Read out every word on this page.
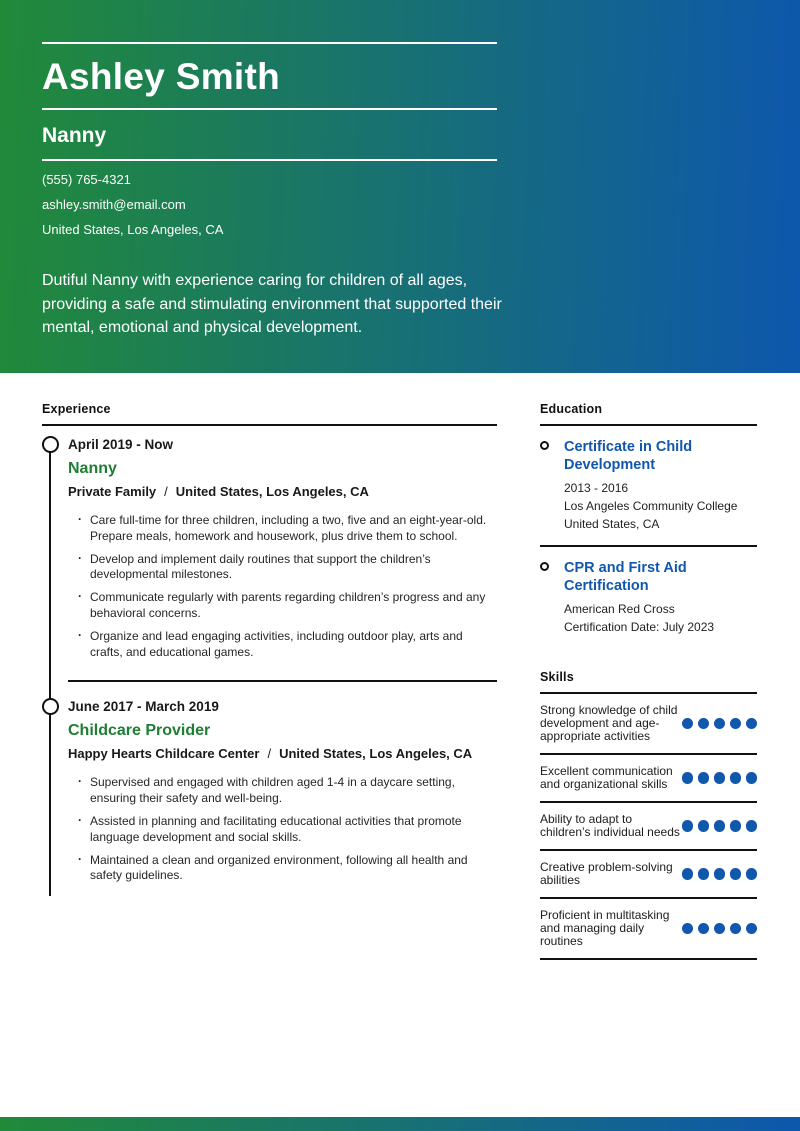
Ashley Smith
Nanny
(555) 765-4321
ashley.smith@email.com
United States, Los Angeles, CA

Dutiful Nanny with experience caring for children of all ages, providing a safe and stimulating environment that supported their mental, emotional and physical development.

Experience
April 2019 - Now
Nanny
Private Family / United States, Los Angeles, CA
· Care full-time for three children, including a two, five and an eight-year-old. Prepare meals, homework and housework, plus drive them to school.
· Develop and implement daily routines that support the children’s developmental milestones.
· Communicate regularly with parents regarding children’s progress and any behavioral concerns.
· Organize and lead engaging activities, including outdoor play, arts and crafts, and educational games.
June 2017 - March 2019
Childcare Provider
Happy Hearts Childcare Center / United States, Los Angeles, CA
· Supervised and engaged with children aged 1-4 in a daycare setting, ensuring their safety and well-being.
· Assisted in planning and facilitating educational activities that promote language development and social skills.
· Maintained a clean and organized environment, following all health and safety guidelines.
Education
Certificate in Child Development
2013 - 2016
Los Angeles Community College
United States, CA
CPR and First Aid Certification
American Red Cross
Certification Date: July 2023
Skills
Strong knowledge of child development and age-appropriate activities
Excellent communication and organizational skills
Ability to adapt to children’s individual needs
Creative problem-solving abilities
Proficient in multitasking and managing daily routines
